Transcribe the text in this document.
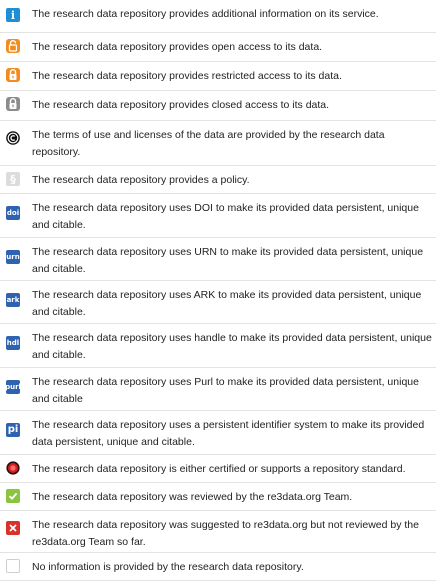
i	The research data repository provides additional information on its service.
The research data repository provides open access to its data.
The research data repository provides restricted access to its data.
The research data repository provides closed access to its data.
The terms of use and licenses of the data are provided by the research data repository.
§	The research data repository provides a policy.
doi The research data repository uses DOI to make its provided data persistent, unique and citable.
urn The research data repository uses URN to make its provided data persistent, unique and citable.
ark The research data repository uses ARK to make its provided data persistent, unique and citable.
hdl The research data repository uses handle to make its provided data persistent, unique and citable.
purl The research data repository uses Purl to make its provided data persistent, unique and citable
pi The research data repository uses a persistent identifier system to make its provided data persistent, unique and citable.
The research data repository is either certified or supports a repository standard.
The research data repository was reviewed by the re3data.org Team.
The research data repository was suggested to re3data.org but not reviewed by the re3data.org Team so far.
No information is provided by the research data repository.
